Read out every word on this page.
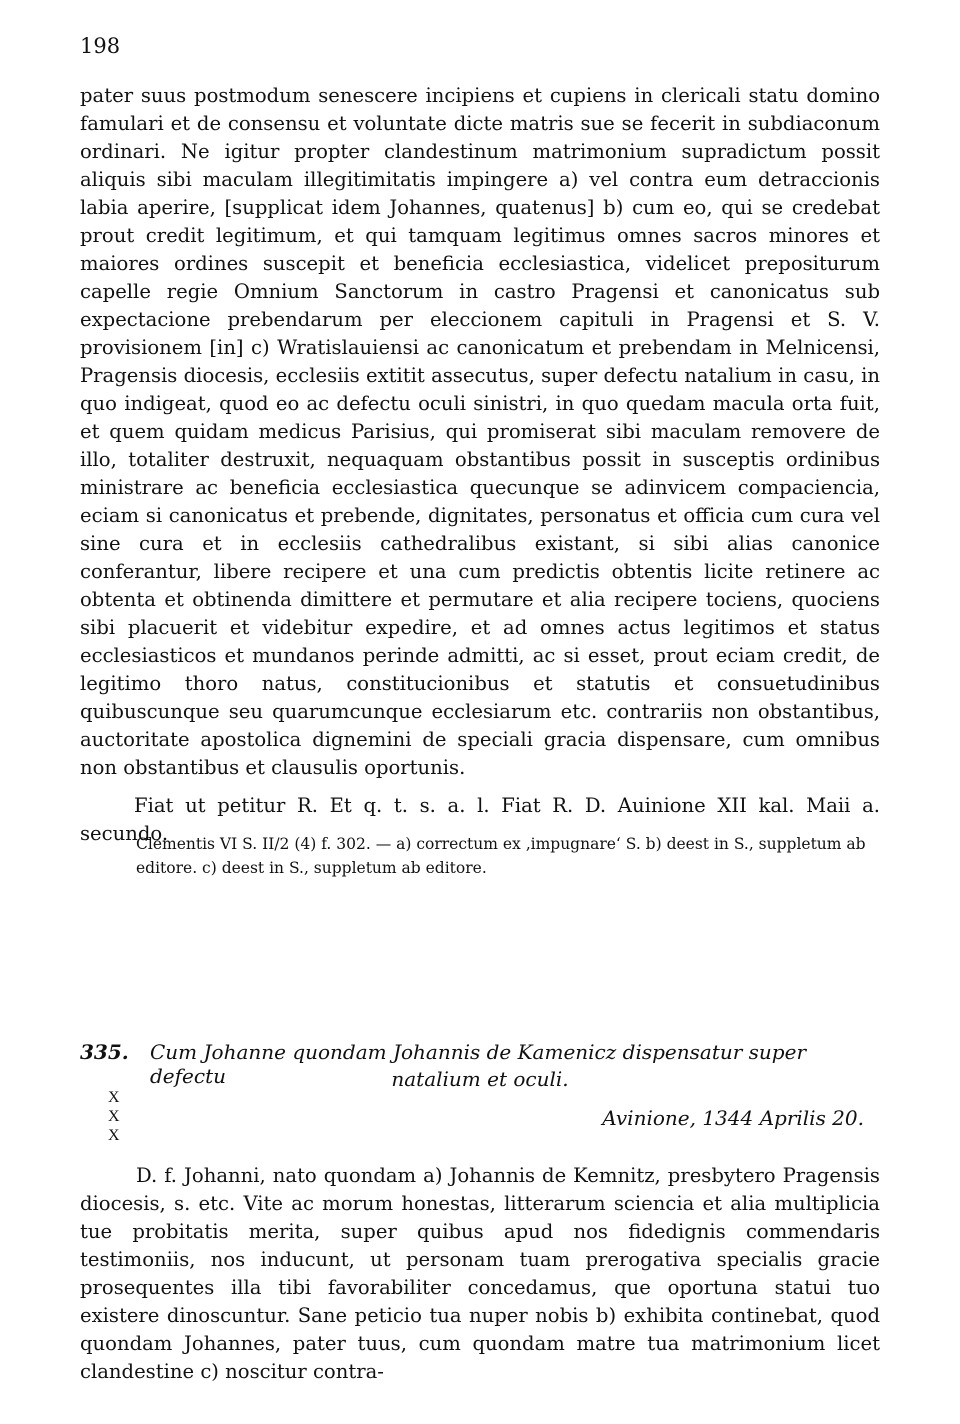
198

pater suus postmodum senescere incipiens et cupiens in clericali statu domino famulari et de consensu et voluntate dicte matris sue se fecerit in subdiaconum ordinari. Ne igitur propter clandestinum matrimonium supradictum possit aliquis sibi maculam illegitimitatis impingere a) vel contra eum detraccionis labia aperire, [supplicat idem Johannes, quatenus] b) cum eo, qui se credebat prout credit legitimum, et qui tamquam legitimus omnes sacros minores et maiores ordines suscepit et beneficia ecclesiastica, videlicet prepositurum capelle regie Omnium Sanctorum in castro Pragensi et canonicatus sub expectacione prebendarum per eleccionem capituli in Pragensi et S. V. provisionem [in] c) Wratislauiensi ac canonicatum et prebendam in Melnicensi, Pragensis diocesis, ecclesiis extitit assecutus, super defectu natalium in casu, in quo indigeat, quod eo ac defectu oculi sinistri, in quo quedam macula orta fuit, et quem quidam medicus Parisius, qui promiserat sibi maculam removere de illo, totaliter destruxit, nequaquam obstantibus possit in susceptis ordinibus ministrare ac beneficia ecclesiastica quecunque se adinvicem compaciencia, eciam si canonicatus et prebende, dignitates, personatus et officia cum cura vel sine cura et in ecclesiis cathedralibus existant, si sibi alias canonice conferantur, libere recipere et una cum predictis obtentis licite retinere ac obtenta et obtinenda dimittere et permutare et alia recipere tociens, quociens sibi placuerit et videbitur expedire, et ad omnes actus legitimos et status ecclesiasticos et mundanos perinde admitti, ac si esset, prout eciam credit, de legitimo thoro natus, constitucionibus et statutis et consuetudinibus quibuscunque seu quarumcunque ecclesiarum etc. contrariis non obstantibus, auctoritate apostolica dignemini de speciali gracia dispensare, cum omnibus non obstantibus et clausulis oportunis.

Fiat ut petitur R. Et q. t. s. a. l. Fiat R. D. Auinione XII kal. Maii a. secundo.

Clementis VI S. II/2 (4) f. 302. — a) correctum ex ‚impugnare‘ S. b) deest in S., suppletum ab editore. c) deest in S., suppletum ab editore.
335. Cum Johanne quondam Johannis de Kamenicz dispensatur super defectu	natalium et oculi.
X
X
X
Avinione, 1344 Aprilis 20.

D. f. Johanni, nato quondam a) Johannis de Kemnitz, presbytero Pragensis diocesis, s. etc. Vite ac morum honestas, litterarum sciencia et alia multiplicia tue probitatis merita, super quibus apud nos fidedignis commendaris testimoniis, nos inducunt, ut personam tuam prerogativa specialis gracie prosequentes illa tibi favorabiliter concedamus, que oportuna statui tuo existere dinoscuntur. Sane peticio tua nuper nobis b) exhibita continebat, quod quondam Johannes, pater tuus, cum quondam matre tua matrimonium licet clandestine c) noscitur contra-
